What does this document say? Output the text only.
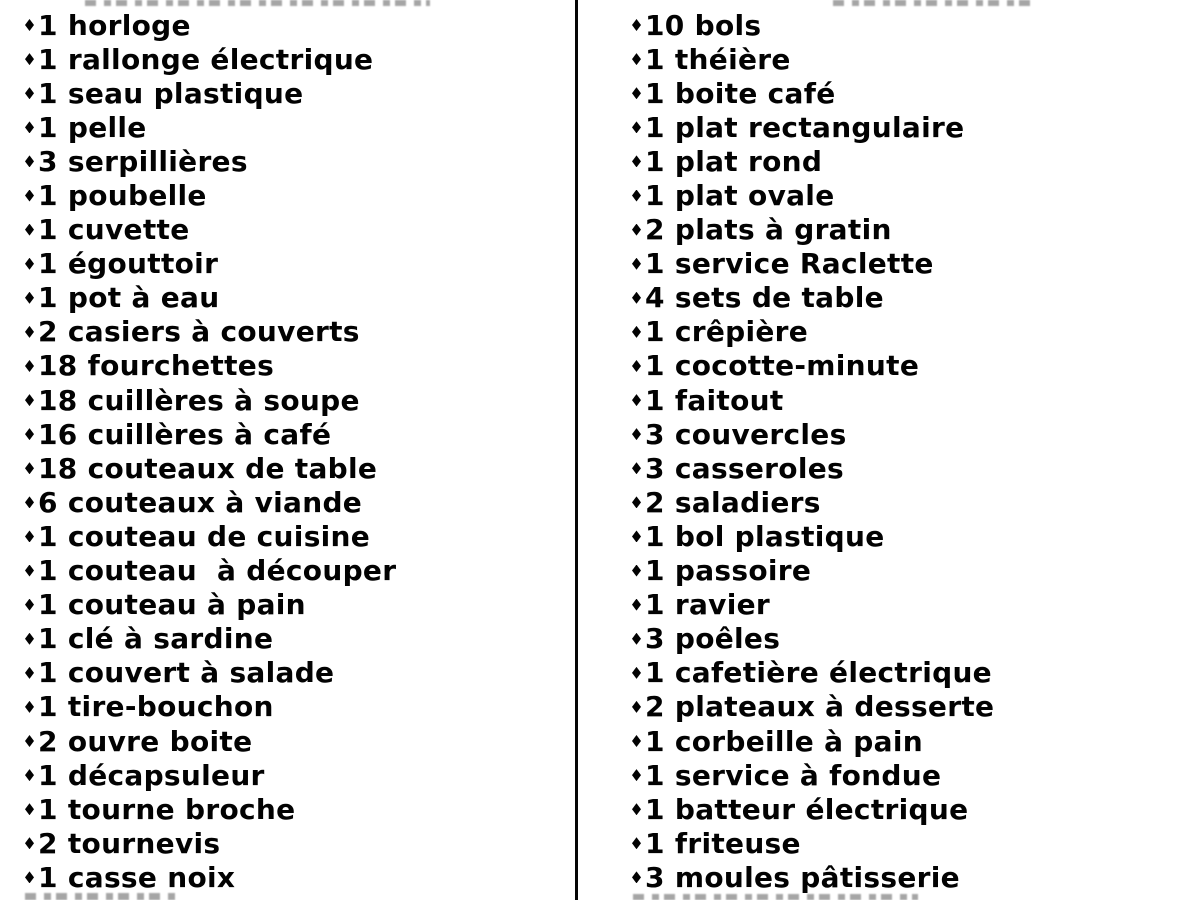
1
horloge
1
rallonge électrique
1
seau plastique
1
pelle
3
serpillières
1
poubelle
1
cuvette
1
égouttoir
1
pot à eau
2
casiers à couverts
18
fourchettes
18
cuillères à soupe
16
cuillères à café
18
couteaux de table
6
couteaux à viande
1
couteau de cuisine
1
couteau  à découper
1
couteau à pain
1
clé à sardine
1
couvert à salade
1
tire-bouchon
2
ouvre boite
1
décapsuleur
1
tourne broche
2
tournevis
1
casse noix
10
bols
1
théière
1
boite café
1
plat rectangulaire
1
plat rond
1
plat ovale
2
plats à gratin
1
service Raclette
4
sets de table
1
crêpière
1
cocotte-minute
1
faitout
3
couvercles
3
casseroles
2
saladiers
1
bol plastique
1
passoire
1
ravier
3
poêles
1
cafetière électrique
2
plateaux à desserte
1
corbeille à pain
1
service à fondue
1
batteur électrique
1
friteuse
3
moules pâtisserie
